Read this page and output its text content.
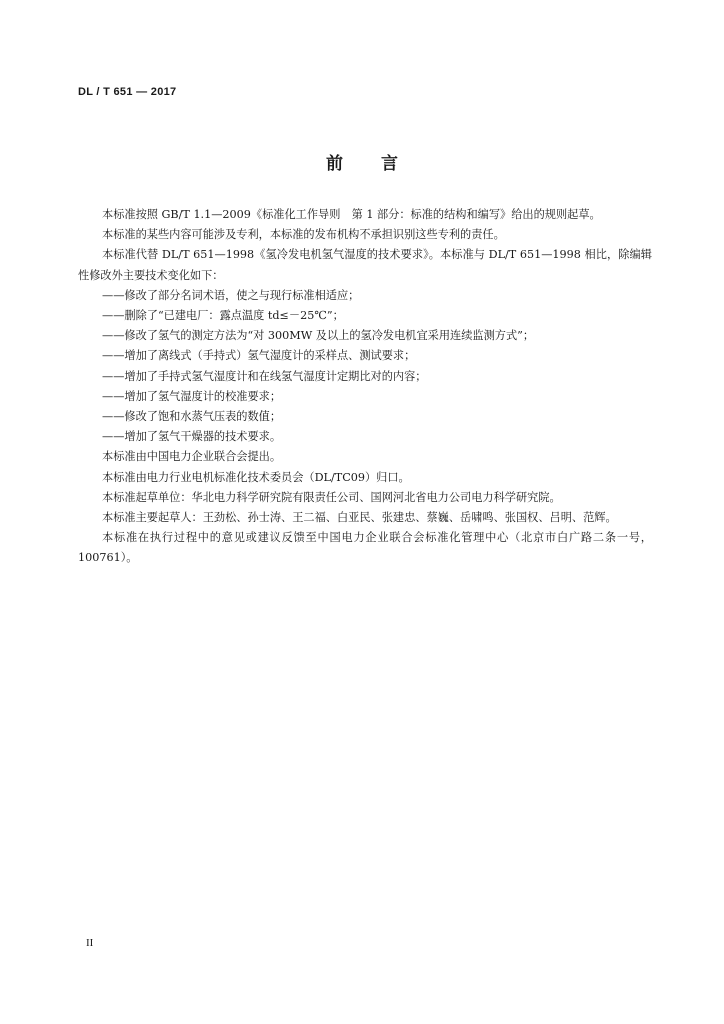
DL / T 651 — 2017
前言

本标准按照 GB/T 1.1—2009《标准化工作导则　第 1 部分：标准的结构和编写》给出的规则起草。

本标准的某些内容可能涉及专利，本标准的发布机构不承担识别这些专利的责任。

本标准代替 DL/T 651—1998《氢冷发电机氢气湿度的技术要求》。本标准与 DL/T 651—1998 相比，除编辑性修改外主要技术变化如下：

——修改了部分名词术语，使之与现行标准相适应；

——删除了“已建电厂：露点温度 td≤－25℃”；

——修改了氢气的测定方法为“对 300MW 及以上的氢冷发电机宜采用连续监测方式”；

——增加了离线式（手持式）氢气湿度计的采样点、测试要求；

——增加了手持式氢气湿度计和在线氢气湿度计定期比对的内容；

——增加了氢气湿度计的校准要求；

——修改了饱和水蒸气压表的数值；

——增加了氢气干燥器的技术要求。

本标准由中国电力企业联合会提出。

本标准由电力行业电机标准化技术委员会（DL/TC09）归口。

本标准起草单位：华北电力科学研究院有限责任公司、国网河北省电力公司电力科学研究院。

本标准主要起草人：王劲松、孙士涛、王二福、白亚民、张建忠、蔡巍、岳啸鸣、张国权、吕明、范辉。

本标准在执行过程中的意见或建议反馈至中国电力企业联合会标准化管理中心（北京市白广路二条一号，100761）。

II
